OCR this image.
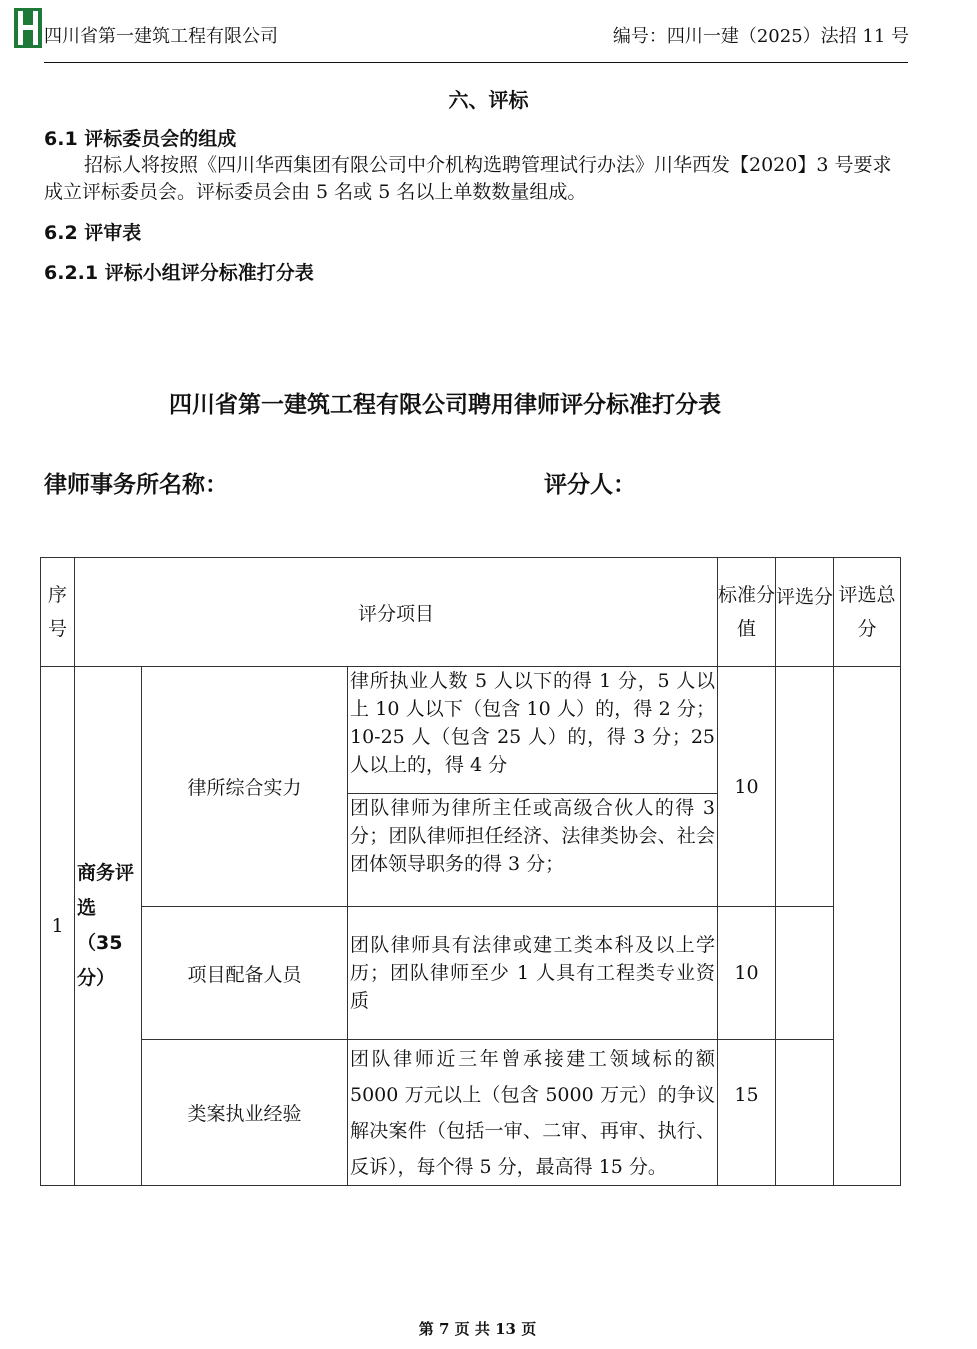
四川省第一建筑工程有限公司	编号：四川一建（2025）法招 11 号
六、评标
6.1 评标委员会的组成
招标人将按照《四川华西集团有限公司中介机构选聘管理试行办法》川华西发【2020】3 号要求成立评标委员会。评标委员会由 5 名或 5 名以上单数数量组成。
6.2 评审表
6.2.1 评标小组评分标准打分表
四川省第一建筑工程有限公司聘用律师评分标准打分表
律师事务所名称：	评分人：
序号	评分项目			标准分值	评选分	评选总分
1	商务评选（35 分）	律所综合实力	律所执业人数 5 人以下的得 1 分，5 人以上 10 人以下（包含 10 人）的，得 2 分；10-25 人（包含 25 人）的，得 3 分；25 人以上的，得 4 分	10		
			团队律师为律所主任或高级合伙人的得 3 分；团队律师担任经济、法律类协会、社会团体领导职务的得 3 分；			
		项目配备人员	团队律师具有法律或建工类本科及以上学历；团队律师至少 1 人具有工程类专业资质	10		
		类案执业经验	团队律师近三年曾承接建工领域标的额 5000 万元以上（包含 5000 万元）的争议解决案件（包括一审、二审、再审、执行、反诉），每个得 5 分，最高得 15 分。	15		
第 7 页 共 13 页
